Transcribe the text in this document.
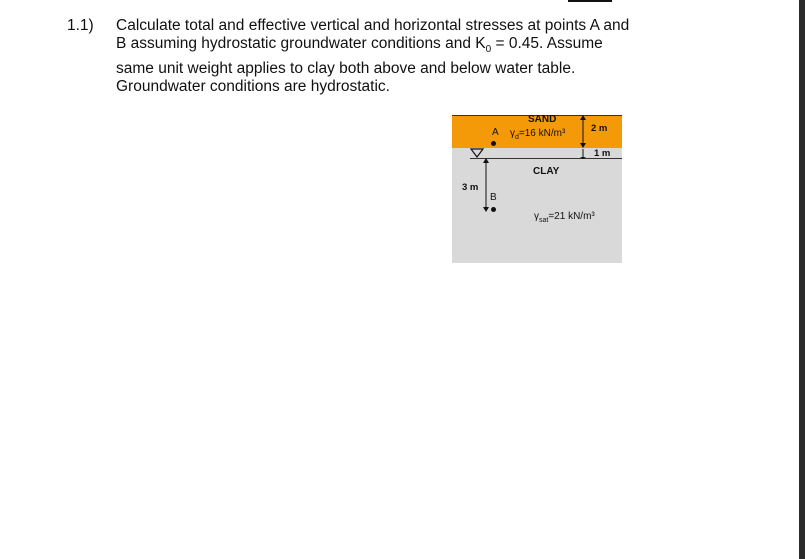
1.1) Calculate total and effective vertical and horizontal stresses at points A and
B assuming hydrostatic groundwater conditions and $K_0 = 0.45$. Assume
same unit weight applies to clay both above and below water table.
Groundwater conditions are hydrostatic.
SAND
A $\gamma_d=16$ kN/m³	2 m
1 m
CLAY
3 m
B
$\gamma_{sat}=21$ kN/m³
